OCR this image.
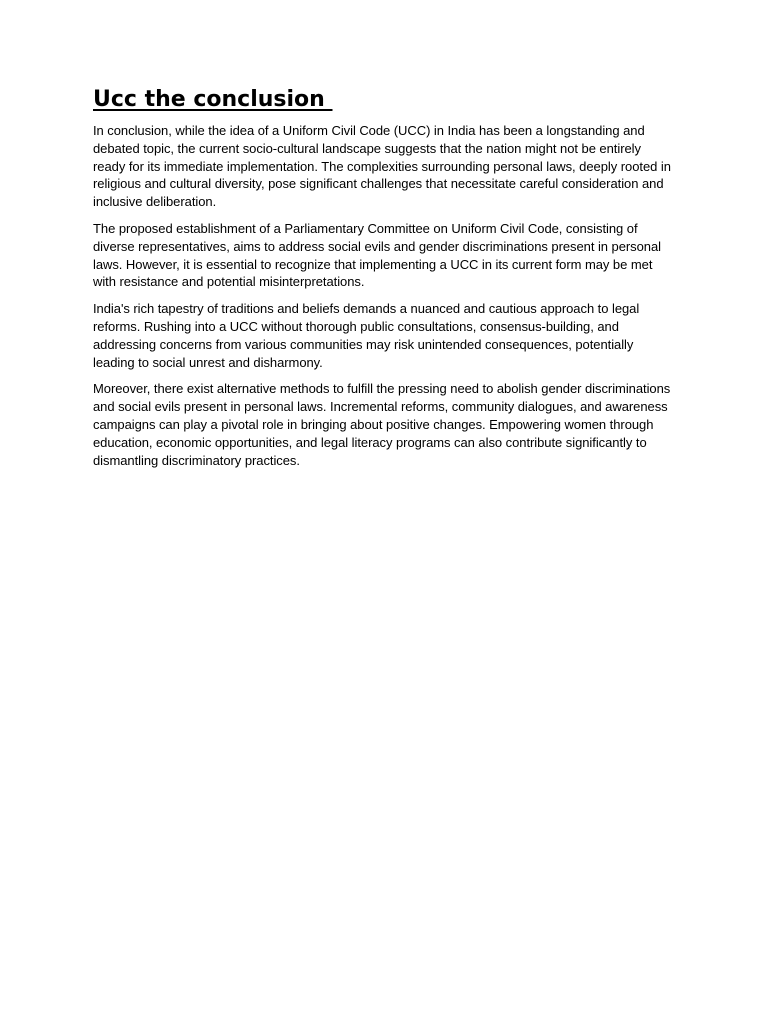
Ucc the conclusion

In conclusion, while the idea of a Uniform Civil Code (UCC) in India has been a longstanding and debated topic, the current socio-cultural landscape suggests that the nation might not be entirely ready for its immediate implementation. The complexities surrounding personal laws, deeply rooted in religious and cultural diversity, pose significant challenges that necessitate careful consideration and inclusive deliberation.

The proposed establishment of a Parliamentary Committee on Uniform Civil Code, consisting of diverse representatives, aims to address social evils and gender discriminations present in personal laws. However, it is essential to recognize that implementing a UCC in its current form may be met with resistance and potential misinterpretations.

India's rich tapestry of traditions and beliefs demands a nuanced and cautious approach to legal reforms. Rushing into a UCC without thorough public consultations, consensus-building, and addressing concerns from various communities may risk unintended consequences, potentially leading to social unrest and disharmony.

Moreover, there exist alternative methods to fulfill the pressing need to abolish gender discriminations and social evils present in personal laws. Incremental reforms, community dialogues, and awareness campaigns can play a pivotal role in bringing about positive changes. Empowering women through education, economic opportunities, and legal literacy programs can also contribute significantly to dismantling discriminatory practices.
